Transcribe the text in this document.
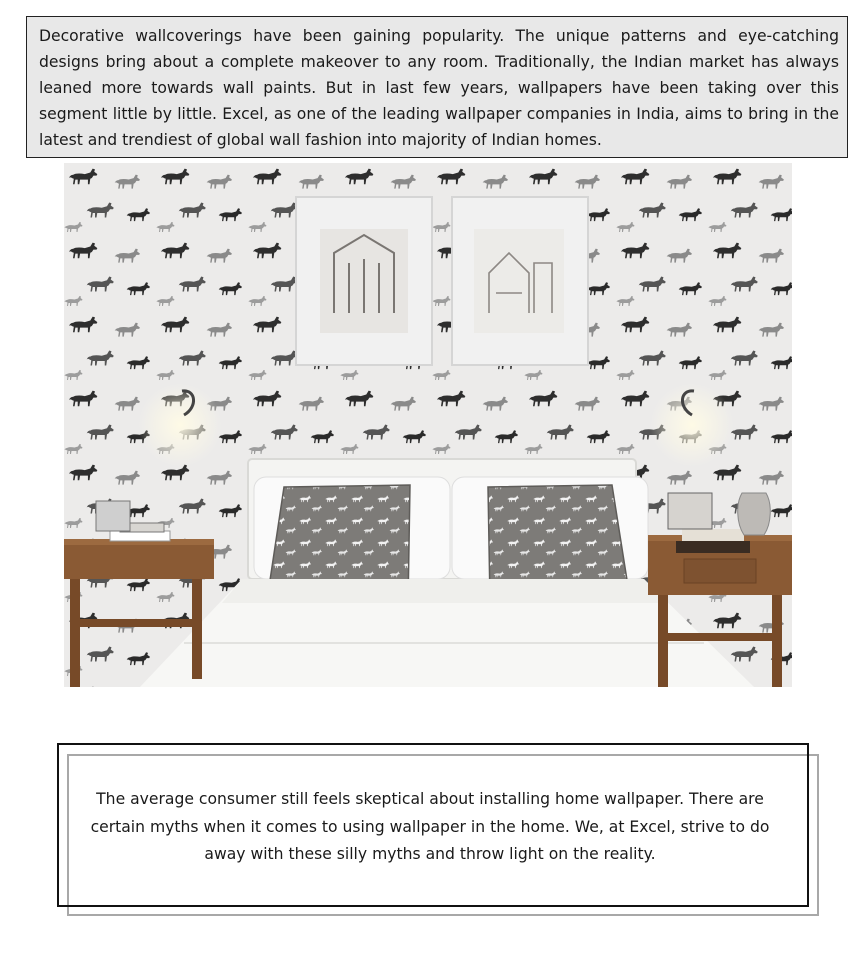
Decorative wallcoverings have been gaining popularity. The unique patterns and eye-catching designs bring about a complete makeover to any room. Traditionally, the Indian market has always leaned more towards wall paints. But in last few years, wallpapers have been taking over this segment little by little. Excel, as one of the leading wallpaper companies in India, aims to bring in the latest and trendiest of global wall fashion into majority of Indian homes.
The average consumer still feels skeptical about installing home wallpaper. There are certain myths when it comes to using wallpaper in the home. We, at Excel, strive to do away with these silly myths and throw light on the reality.
